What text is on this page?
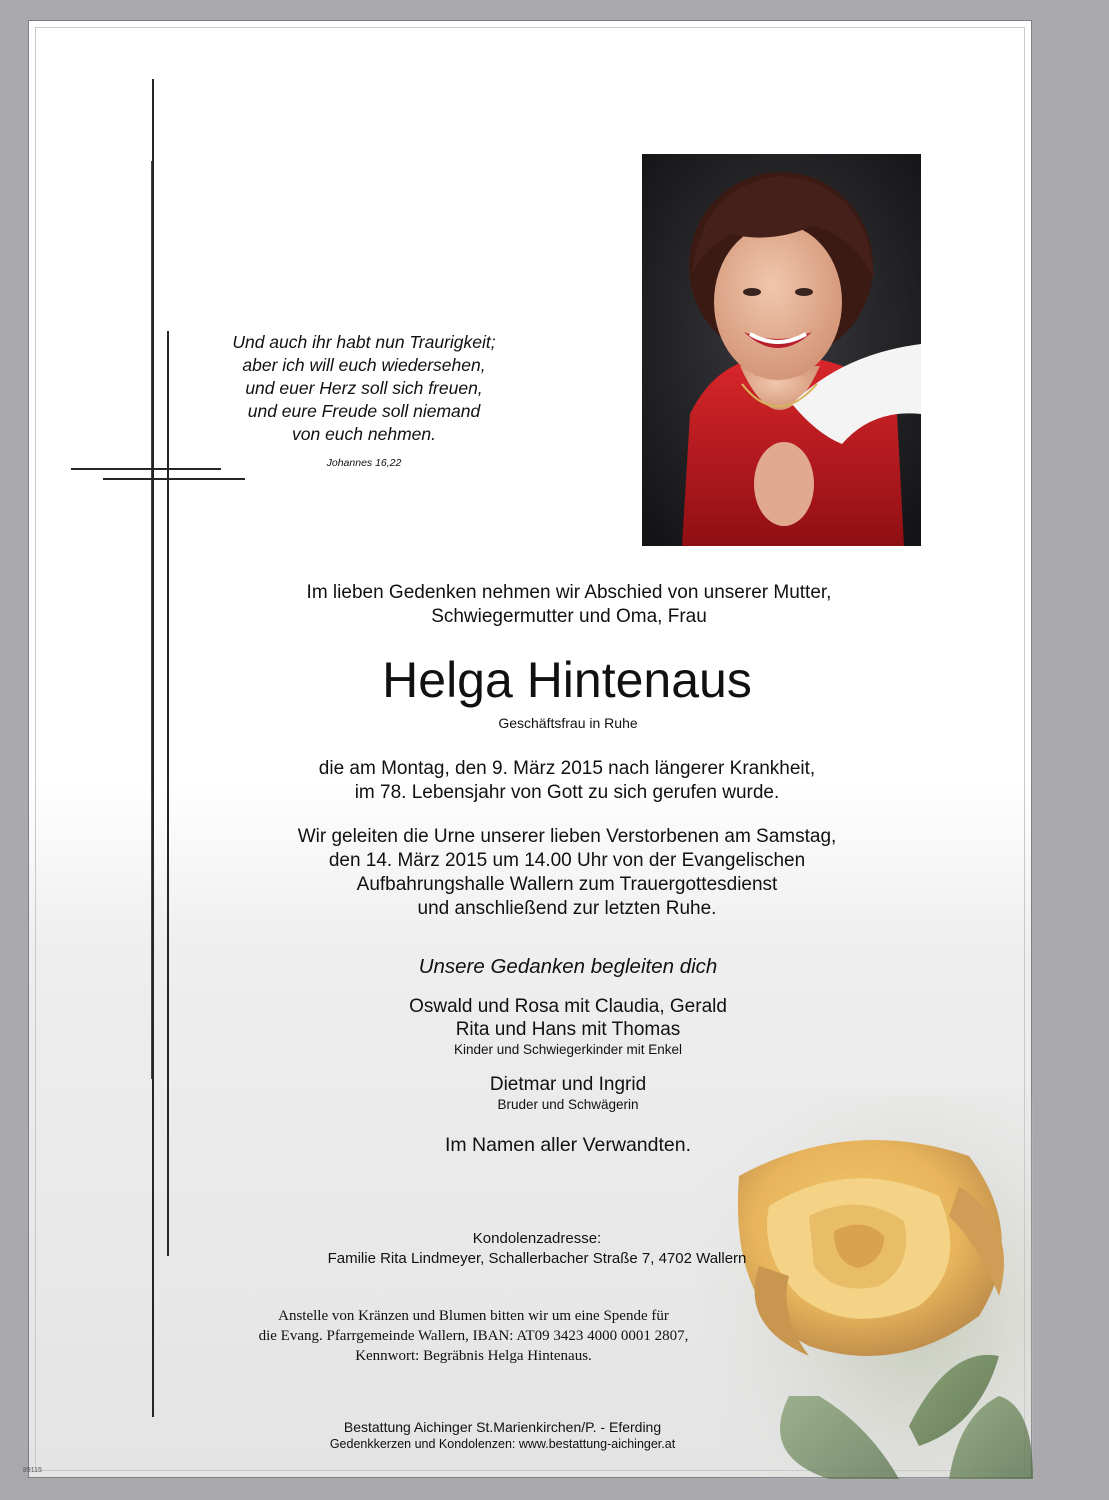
Und auch ihr habt nun Traurigkeit;
aber ich will euch wiedersehen,
und euer Herz soll sich freuen,
und eure Freude soll niemand
von euch nehmen.
Johannes 16,22
Im lieben Gedenken nehmen wir Abschied von unserer Mutter,
Schwiegermutter und Oma, Frau
Helga Hintenaus
Geschäftsfrau in Ruhe
die am Montag, den 9. März 2015 nach längerer Krankheit,
im 78. Lebensjahr von Gott zu sich gerufen wurde.
Wir geleiten die Urne unserer lieben Verstorbenen am Samstag,
den 14. März 2015 um 14.00 Uhr von der Evangelischen
Aufbahrungshalle Wallern zum Trauergottesdienst
und anschließend zur letzten Ruhe.
Unsere Gedanken begleiten dich
Oswald und Rosa mit Claudia, Gerald
Rita und Hans mit Thomas
Kinder und Schwiegerkinder mit Enkel
Dietmar und Ingrid
Bruder und Schwägerin
Im Namen aller Verwandten.
Kondolenzadresse:
Familie Rita Lindmeyer, Schallerbacher Straße 7, 4702 Wallern
Anstelle von Kränzen und Blumen bitten wir um eine Spende für
die Evang. Pfarrgemeinde Wallern, IBAN: AT09 3423 4000 0001 2807,
Kennwort: Begräbnis Helga Hintenaus.
Bestattung Aichinger St.Marienkirchen/P. - Eferding
Gedenkkerzen und Kondolenzen: www.bestattung-aichinger.at
89115
